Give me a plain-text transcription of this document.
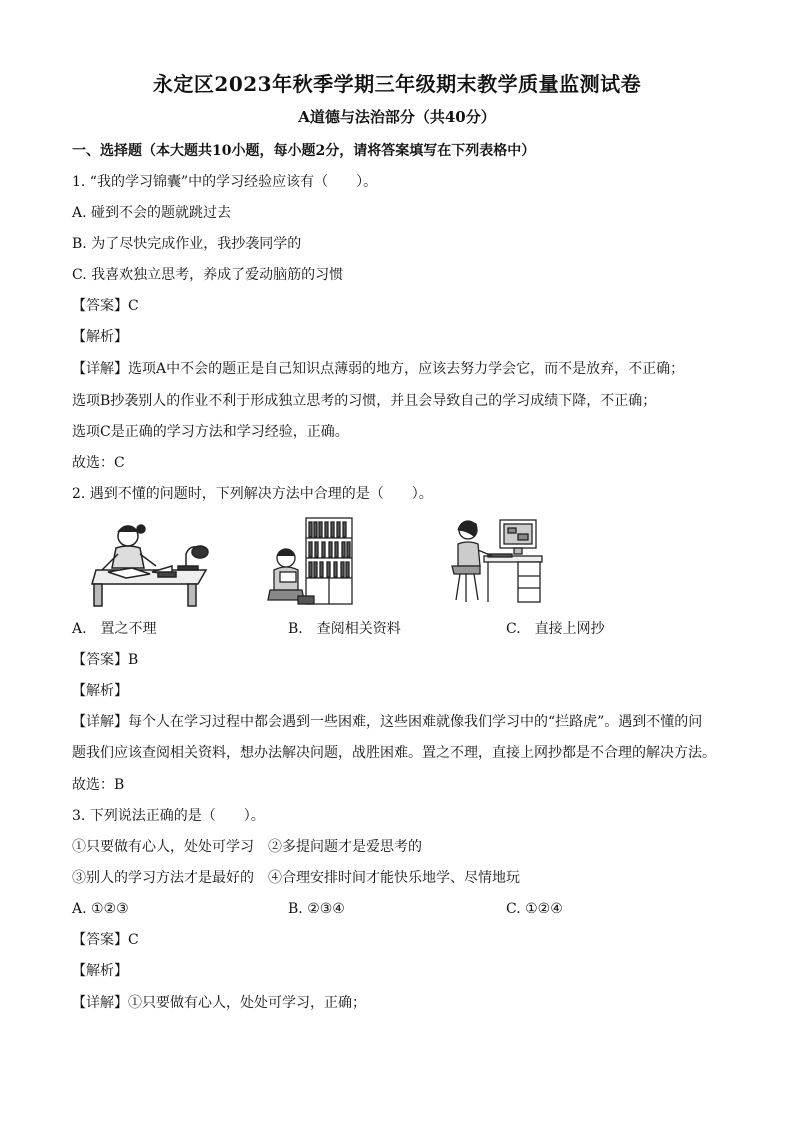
永定区2023年秋季学期三年级期末教学质量监测试卷
A道德与法治部分（共40分）
一、选择题（本大题共10小题，每小题2分，请将答案填写在下列表格中）
1. “我的学习锦囊”中的学习经验应该有（　　）。
A. 碰到不会的题就跳过去
B. 为了尽快完成作业，我抄袭同学的
C. 我喜欢独立思考，养成了爱动脑筋的习惯
【答案】C
【解析】
【详解】选项A中不会的题正是自己知识点薄弱的地方，应该去努力学会它，而不是放弃，不正确；
选项B抄袭别人的作业不利于形成独立思考的习惯，并且会导致自己的学习成绩下降，不正确；
选项C是正确的学习方法和学习经验，正确。
故选：C
2. 遇到不懂的问题时，下列解决方法中合理的是（　　）。
A.　置之不理	B.　查阅相关资料	C.　直接上网抄
【答案】B
【解析】
【详解】每个人在学习过程中都会遇到一些困难，这些困难就像我们学习中的“拦路虎”。遇到不懂的问
题我们应该查阅相关资料，想办法解决问题，战胜困难。置之不理，直接上网抄都是不合理的解决方法。
故选：B
3. 下列说法正确的是（　　）。
①只要做有心人，处处可学习　②多提问题才是爱思考的
③别人的学习方法才是最好的　④合理安排时间才能快乐地学、尽情地玩
A. ①②③	B. ②③④	C. ①②④
【答案】C
【解析】
【详解】①只要做有心人，处处可学习，正确；
